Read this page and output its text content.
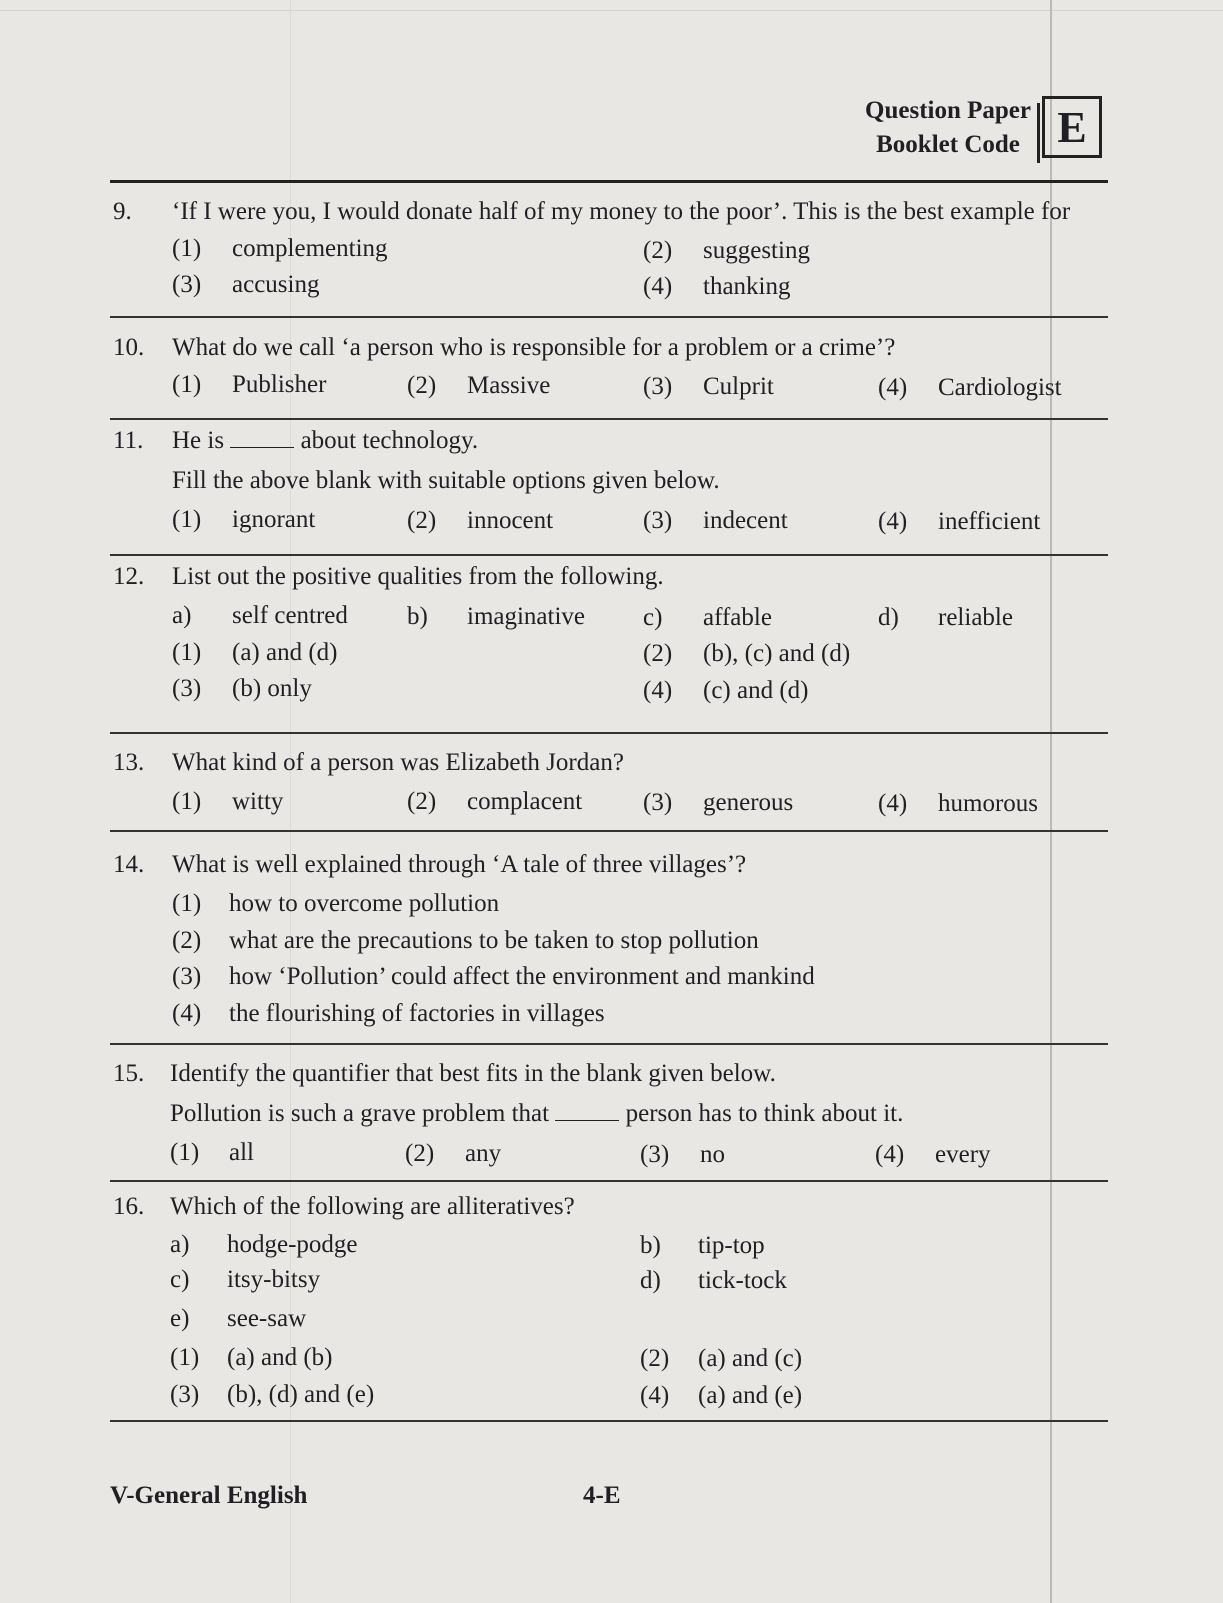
Question Paper
Booklet Code E
9. ‘If I were you, I would donate half of my money to the poor’. This is the best example for
(1) complementing	(2) suggesting
(3) accusing	(4) thanking
10. What do we call ‘a person who is responsible for a problem or a crime’?
(1) Publisher	(2) Massive	(3) Culprit	(4) Cardiologist
11. He is	about technology.
Fill the above blank with suitable options given below.
(1) ignorant	(2) innocent	(3) indecent	(4) inefficient
12. List out the positive qualities from the following.
a) self centred b) imaginative c) affable	d) reliable
(1) (a) and (d)	(2) (b), (c) and (d)
(3) (b) only	(4) (c) and (d)
13. What kind of a person was Elizabeth Jordan?
(1) witty	(2) complacent (3) generous	(4) humorous
14. What is well explained through ‘A tale of three villages’?
(1) how to overcome pollution
(2) what are the precautions to be taken to stop pollution
(3) how ‘Pollution’ could affect the environment and mankind
(4) the flourishing of factories in villages
15. Identify the quantifier that best fits in the blank given below.
Pollution is such a grave problem that	person has to think about it.
(1) all	(2) any	(3) no	(4) every
16. Which of the following are alliteratives?
a) hodge-podge	b) tip-top
c) itsy-bitsy	d) tick-tock
e) see-saw
(1) (a) and (b)	(2) (a) and (c)
(3) (b), (d) and (e)	(4) (a) and (e)
V-General English	4-E
